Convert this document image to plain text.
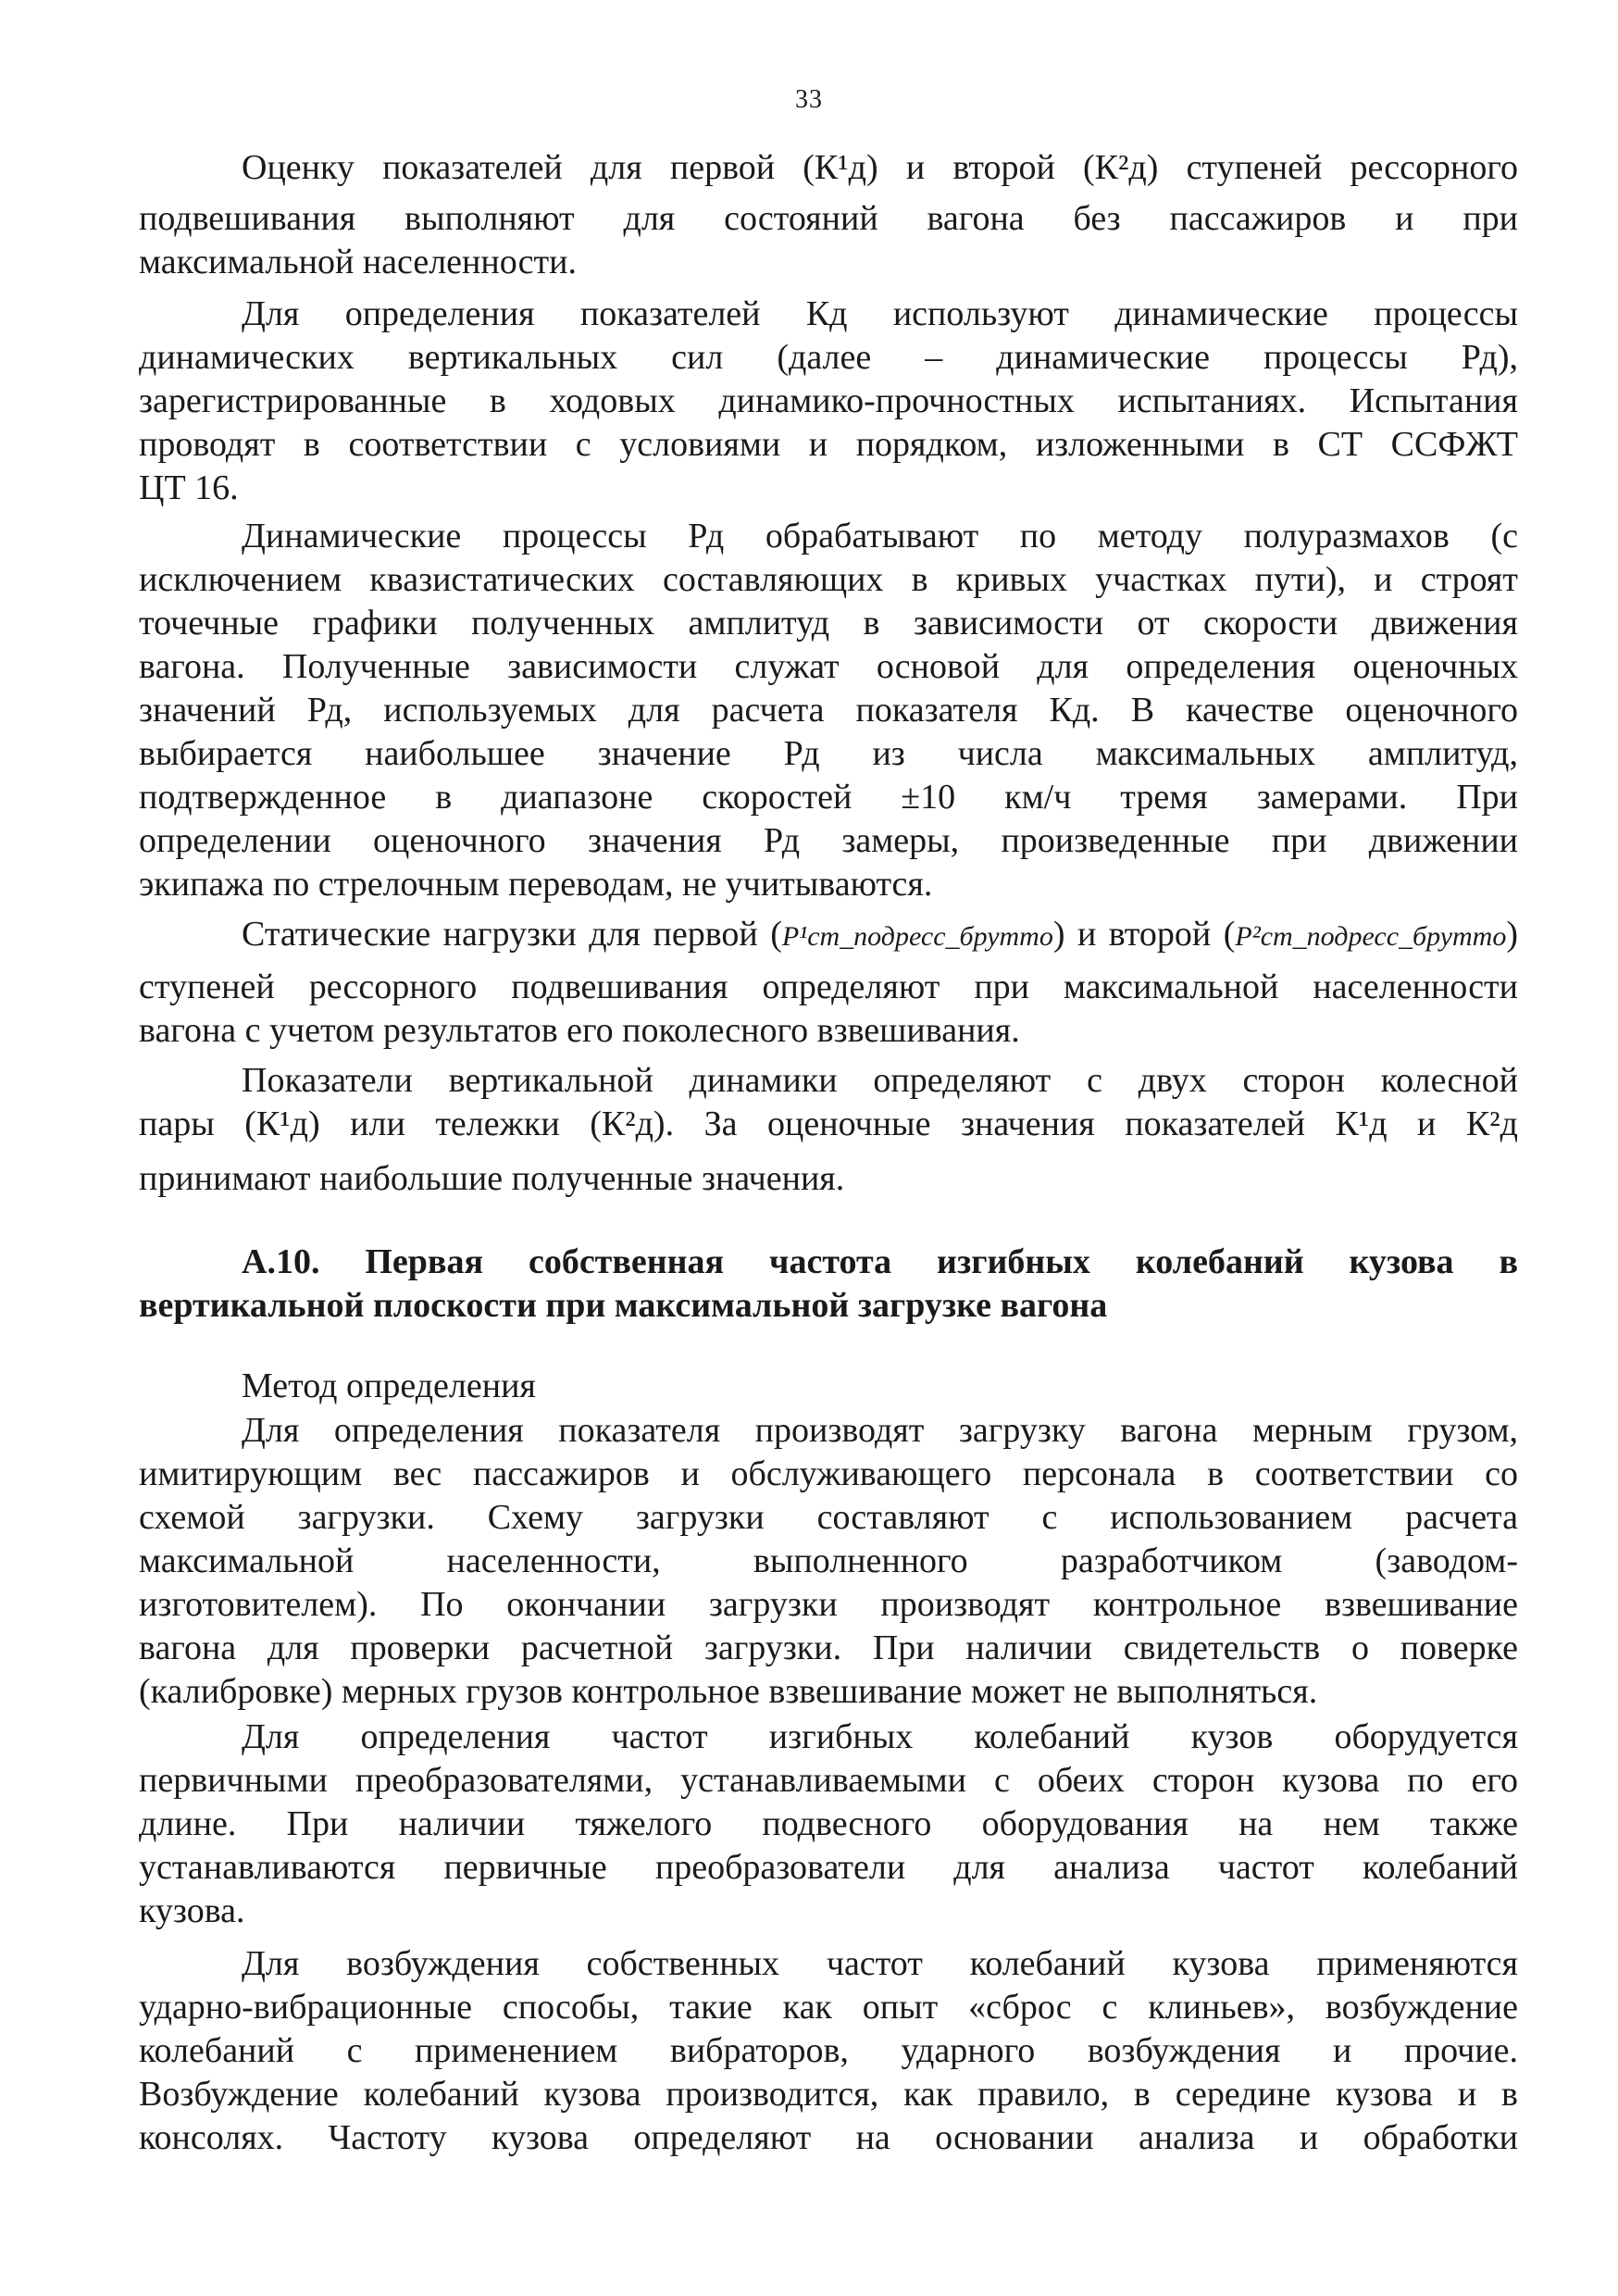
33
Оценку показателей для первой (К¹д) и второй (К²д) ступеней рессорного
подвешивания выполняют для состояний вагона без пассажиров и при
максимальной населенности.
Для определения показателей Кд используют динамические процессы
динамических вертикальных сил (далее – динамические процессы Рд),
зарегистрированные в ходовых динамико-прочностных испытаниях. Испытания
проводят в соответствии с условиями и порядком, изложенными в СТ ССФЖТ
ЦТ 16.
Динамические процессы Рд обрабатывают по методу полуразмахов (с
исключением квазистатических составляющих в кривых участках пути), и строят
точечные графики полученных амплитуд в зависимости от скорости движения
вагона. Полученные зависимости служат основой для определения оценочных
значений Рд, используемых для расчета показателя Кд. В качестве оценочного
выбирается наибольшее значение Рд из числа максимальных амплитуд,
подтвержденное в диапазоне скоростей ±10 км/ч тремя замерами. При
определении оценочного значения Рд замеры, произведенные при движении
экипажа по стрелочным переводам, не учитываются.
Статические нагрузки для первой (Р¹ст_подресс_брутто) и второй (Р²ст_подресс_брутто)
ступеней рессорного подвешивания определяют при максимальной населенности
вагона с учетом результатов его поколесного взвешивания.
Показатели вертикальной динамики определяют с двух сторон колесной
пары (К¹д) или тележки (К²д). За оценочные значения показателей К¹д и К²д
принимают наибольшие полученные значения.
А.10. Первая собственная частота изгибных колебаний кузова в
вертикальной плоскости при максимальной загрузке вагона
Метод определения
Для определения показателя производят загрузку вагона мерным грузом,
имитирующим вес пассажиров и обслуживающего персонала в соответствии со
схемой загрузки. Схему загрузки составляют с использованием расчета
максимальной населенности, выполненного разработчиком (заводом-
изготовителем). По окончании загрузки производят контрольное взвешивание
вагона для проверки расчетной загрузки. При наличии свидетельств о поверке
(калибровке) мерных грузов контрольное взвешивание может не выполняться.
Для определения частот изгибных колебаний кузов оборудуется
первичными преобразователями, устанавливаемыми с обеих сторон кузова по его
длине. При наличии тяжелого подвесного оборудования на нем также
устанавливаются первичные преобразователи для анализа частот колебаний
кузова.
Для возбуждения собственных частот колебаний кузова применяются
ударно-вибрационные способы, такие как опыт «сброс с клиньев», возбуждение
колебаний с применением вибраторов, ударного возбуждения и прочие.
Возбуждение колебаний кузова производится, как правило, в середине кузова и в
консолях. Частоту кузова определяют на основании анализа и обработки
